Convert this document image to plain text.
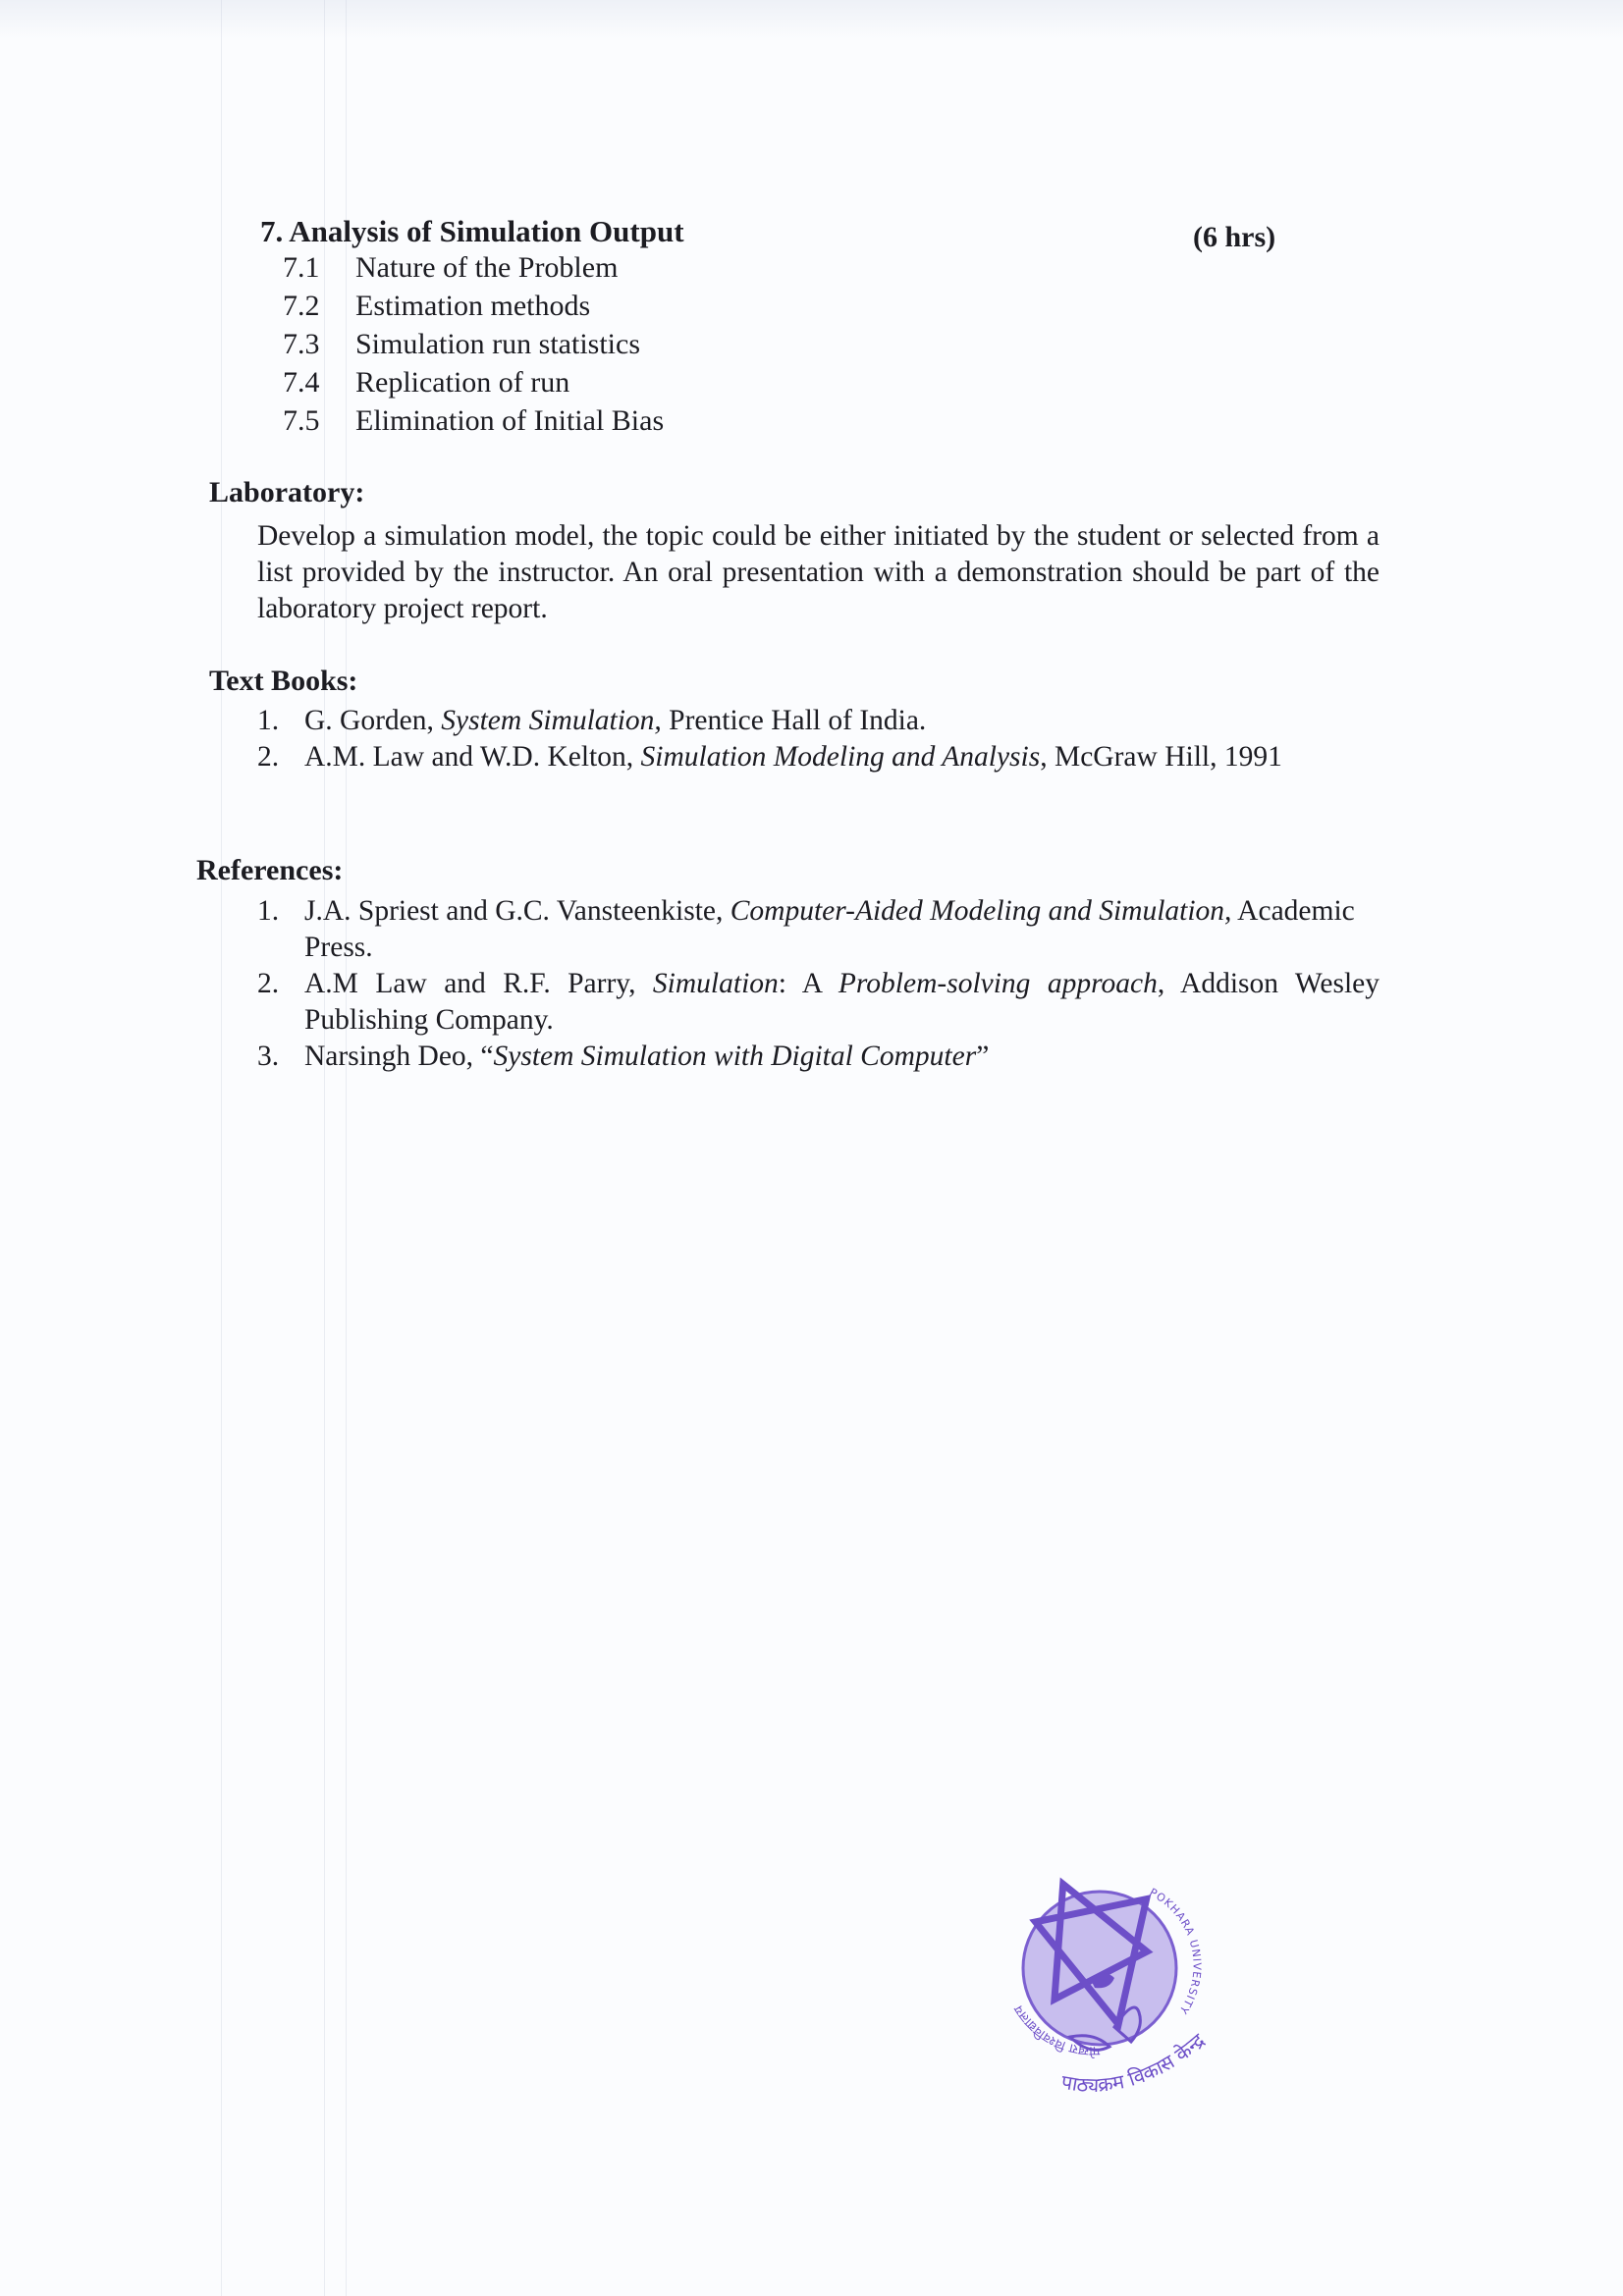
7. Analysis of Simulation Output	(6 hrs)
7.1 Nature of the Problem
7.2 Estimation methods
7.3 Simulation run statistics
7.4 Replication of run
7.5 Elimination of Initial Bias
Laboratory:
Develop a simulation model, the topic could be either initiated by the student or selected from a list provided by the instructor. An oral presentation with a demonstration should be part of the laboratory project report.
Text Books:
1. G. Gorden, System Simulation, Prentice Hall of India.
2. A.M. Law and W.D. Kelton, Simulation Modeling and Analysis, McGraw Hill, 1991
References:
1. J.A. Spriest and G.C. Vansteenkiste, Computer-Aided Modeling and Simulation, Academic Press.
2. A.M Law and R.F. Parry, Simulation: A Problem-solving approach, Addison Wesley Publishing Company.
3. Narsingh Deo, “System Simulation with Digital Computer”
POKHARA UNIVERSITY
पोखरा विश्वविद्यालय
पाठ्यक्रम विकास केन्द्र
